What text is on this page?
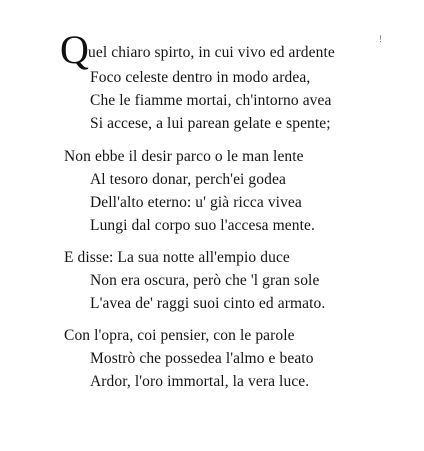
!
Q uel chiaro spirto, in cui vivo ed ardente
Foco celeste dentro in modo ardea,
Che le fiamme mortai, ch'intorno avea
Si accese, a lui parean gelate e spente;
Non ebbe il desir parco o le man lente
Al tesoro donar, perch'ei godea
Dell'alto eterno: u' già ricca vivea
Lungi dal corpo suo l'accesa mente.
E disse: La sua notte all'empio duce
Non era oscura, però che 'l gran sole
L'avea de' raggi suoi cinto ed armato.
Con l'opra, coi pensier, con le parole
Mostrò che possedea l'almo e beato
Ardor, l'oro immortal, la vera luce.
